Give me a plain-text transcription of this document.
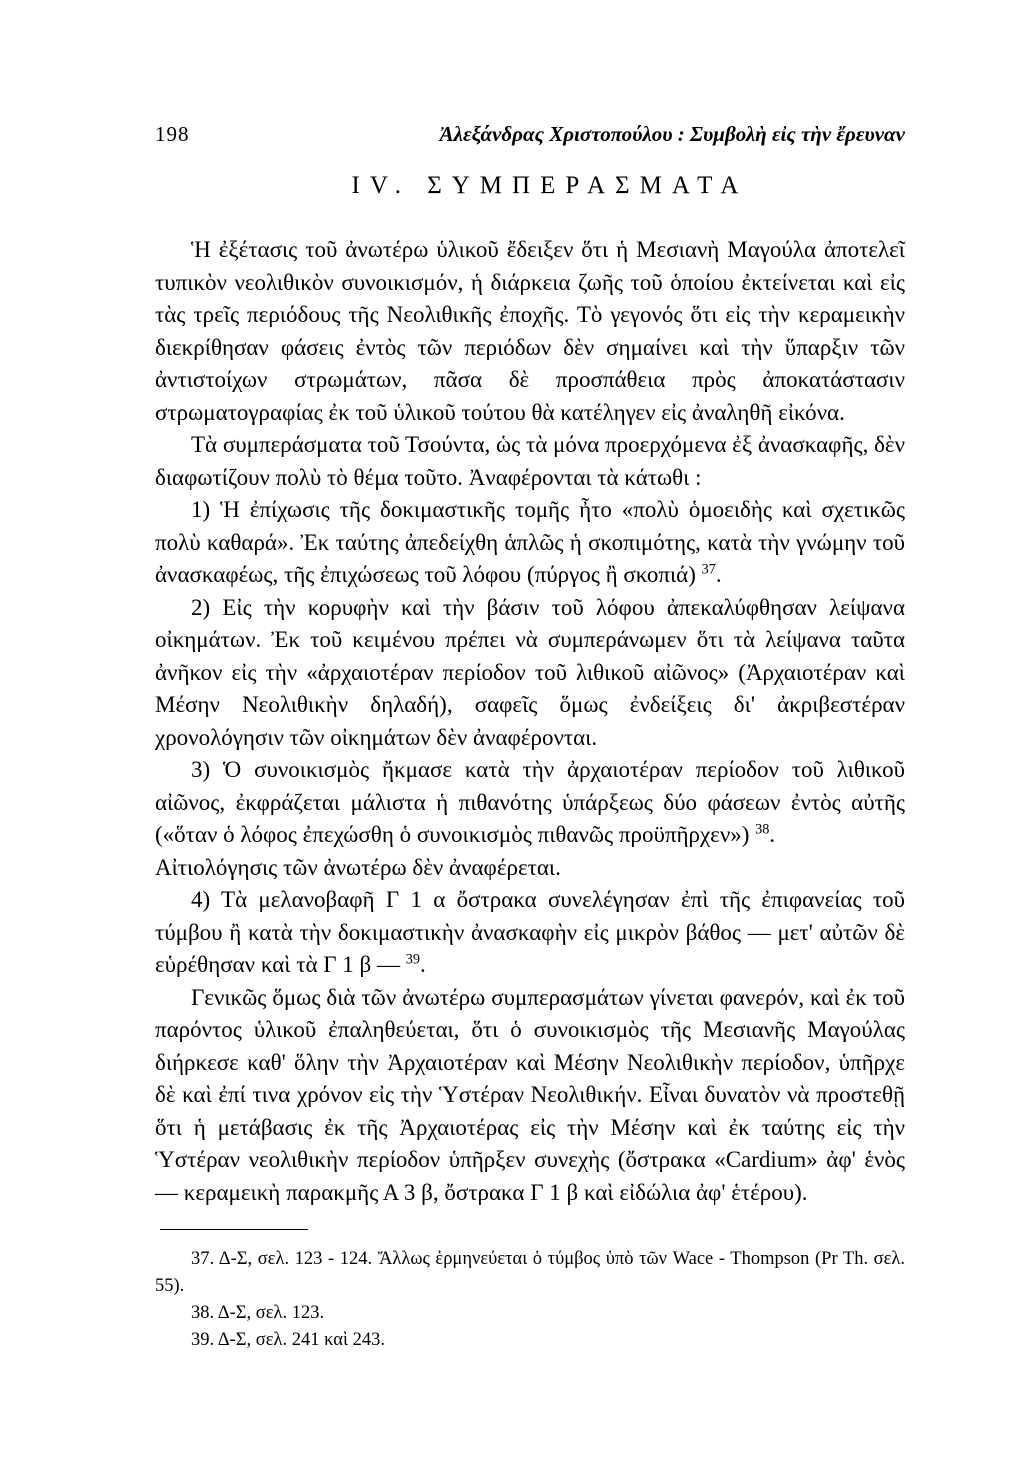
198	Ἀλεξάνδρας Χριστοπούλου : Συμβολὴ εἰς τὴν ἔρευναν
IV. ΣΥΜΠΕΡΑΣΜΑΤΑ

Ἡ ἐξέτασις τοῦ ἀνωτέρω ὑλικοῦ ἔδειξεν ὅτι ἡ Μεσιανὴ Μαγούλα ἀποτελεῖ τυπικὸν νεολιθικὸν συνοικισμόν, ἡ διάρκεια ζωῆς τοῦ ὁποίου ἐκτείνεται καὶ εἰς τὰς τρεῖς περιόδους τῆς Νεολιθικῆς ἐποχῆς. Τὸ γεγονός ὅτι εἰς τὴν κεραμεικὴν διεκρίθησαν φάσεις ἐντὸς τῶν περιόδων δὲν σημαίνει καὶ τὴν ὕπαρξιν τῶν ἀντιστοίχων στρωμάτων, πᾶσα δὲ προσπάθεια πρὸς ἀποκατάστασιν στρωματογραφίας ἐκ τοῦ ὑλικοῦ τούτου θὰ κατέληγεν εἰς ἀναληθῆ εἰκόνα.

Τὰ συμπεράσματα τοῦ Τσούντα, ὡς τὰ μόνα προερχόμενα ἐξ ἀνασκαφῆς, δὲν διαφωτίζουν πολὺ τὸ θέμα τοῦτο. Ἀναφέρονται τὰ κάτωθι :

1) Ἡ ἐπίχωσις τῆς δοκιμαστικῆς τομῆς ἦτο «πολὺ ὁμοειδὴς καὶ σχετικῶς πολὺ καθαρά». Ἐκ ταύτης ἀπεδείχθη ἁπλῶς ἡ σκοπιμότης, κατὰ τὴν γνώμην τοῦ ἀνασκαφέως, τῆς ἐπιχώσεως τοῦ λόφου (πύργος ἢ σκοπιά) $^{37}$.

2) Εἰς τὴν κορυφὴν καὶ τὴν βάσιν τοῦ λόφου ἀπεκαλύφθησαν λείψανα οἰκημάτων. Ἐκ τοῦ κειμένου πρέπει νὰ συμπεράνωμεν ὅτι τὰ λείψανα ταῦτα ἀνῆκον εἰς τὴν «ἀρχαιοτέραν περίοδον τοῦ λιθικοῦ αἰῶνος» (Ἀρχαιοτέραν καὶ Μέσην Νεολιθικὴν δηλαδή), σαφεῖς ὅμως ἐνδείξεις δι' ἀκριβεστέραν χρονολόγησιν τῶν οἰκημάτων δὲν ἀναφέρονται.

3) Ὁ συνοικισμὸς ἤκμασε κατὰ τὴν ἀρχαιοτέραν περίοδον τοῦ λιθικοῦ αἰῶνος, ἐκφράζεται μάλιστα ἡ πιθανότης ὑπάρξεως δύο φάσεων ἐντὸς αὐτῆς («ὅταν ὁ λόφος ἐπεχώσθη ὁ συνοικισμὸς πιθανῶς προϋπῆρχεν») $^{38}$.

Αἰτιολόγησις τῶν ἀνωτέρω δὲν ἀναφέρεται.

4) Τὰ μελανοβαφῆ Γ 1 α ὄστρακα συνελέγησαν ἐπὶ τῆς ἐπιφανείας τοῦ τύμβου ἢ κατὰ τὴν δοκιμαστικὴν ἀνασκαφὴν εἰς μικρὸν βάθος — μετ' αὐτῶν δὲ εὑρέθησαν καὶ τὰ Γ 1 β — $^{39}$.

Γενικῶς ὅμως διὰ τῶν ἀνωτέρω συμπερασμάτων γίνεται φανερόν, καὶ ἐκ τοῦ παρόντος ὑλικοῦ ἐπαληθεύεται, ὅτι ὁ συνοικισμὸς τῆς Μεσιανῆς Μαγούλας διήρκεσε καθ' ὅλην τὴν Ἀρχαιοτέραν καὶ Μέσην Νεολιθικὴν περίοδον, ὑπῆρχε δὲ καὶ ἐπί τινα χρόνον εἰς τὴν Ὑστέραν Νεολιθικήν. Εἶναι δυνατὸν νὰ προστεθῇ ὅτι ἡ μετάβασις ἐκ τῆς Ἀρχαιοτέρας εἰς τὴν Μέσην καὶ ἐκ ταύτης εἰς τὴν Ὑστέραν νεολιθικὴν περίοδον ὑπῆρξεν συνεχὴς (ὄστρακα «Cardium» ἀφ' ἑνὸς — κεραμεικὴ παρακμῆς Α 3 β, ὄστρακα Γ 1 β καὶ εἰδώλια ἀφ' ἑτέρου).

37. Δ-Σ, σελ. 123 - 124. Ἄλλως ἑρμηνεύεται ὁ τύμβος ὑπὸ τῶν Wace - Thompson (Pr Th. σελ. 55).

38. Δ-Σ, σελ. 123.

39. Δ-Σ, σελ. 241 καὶ 243.
